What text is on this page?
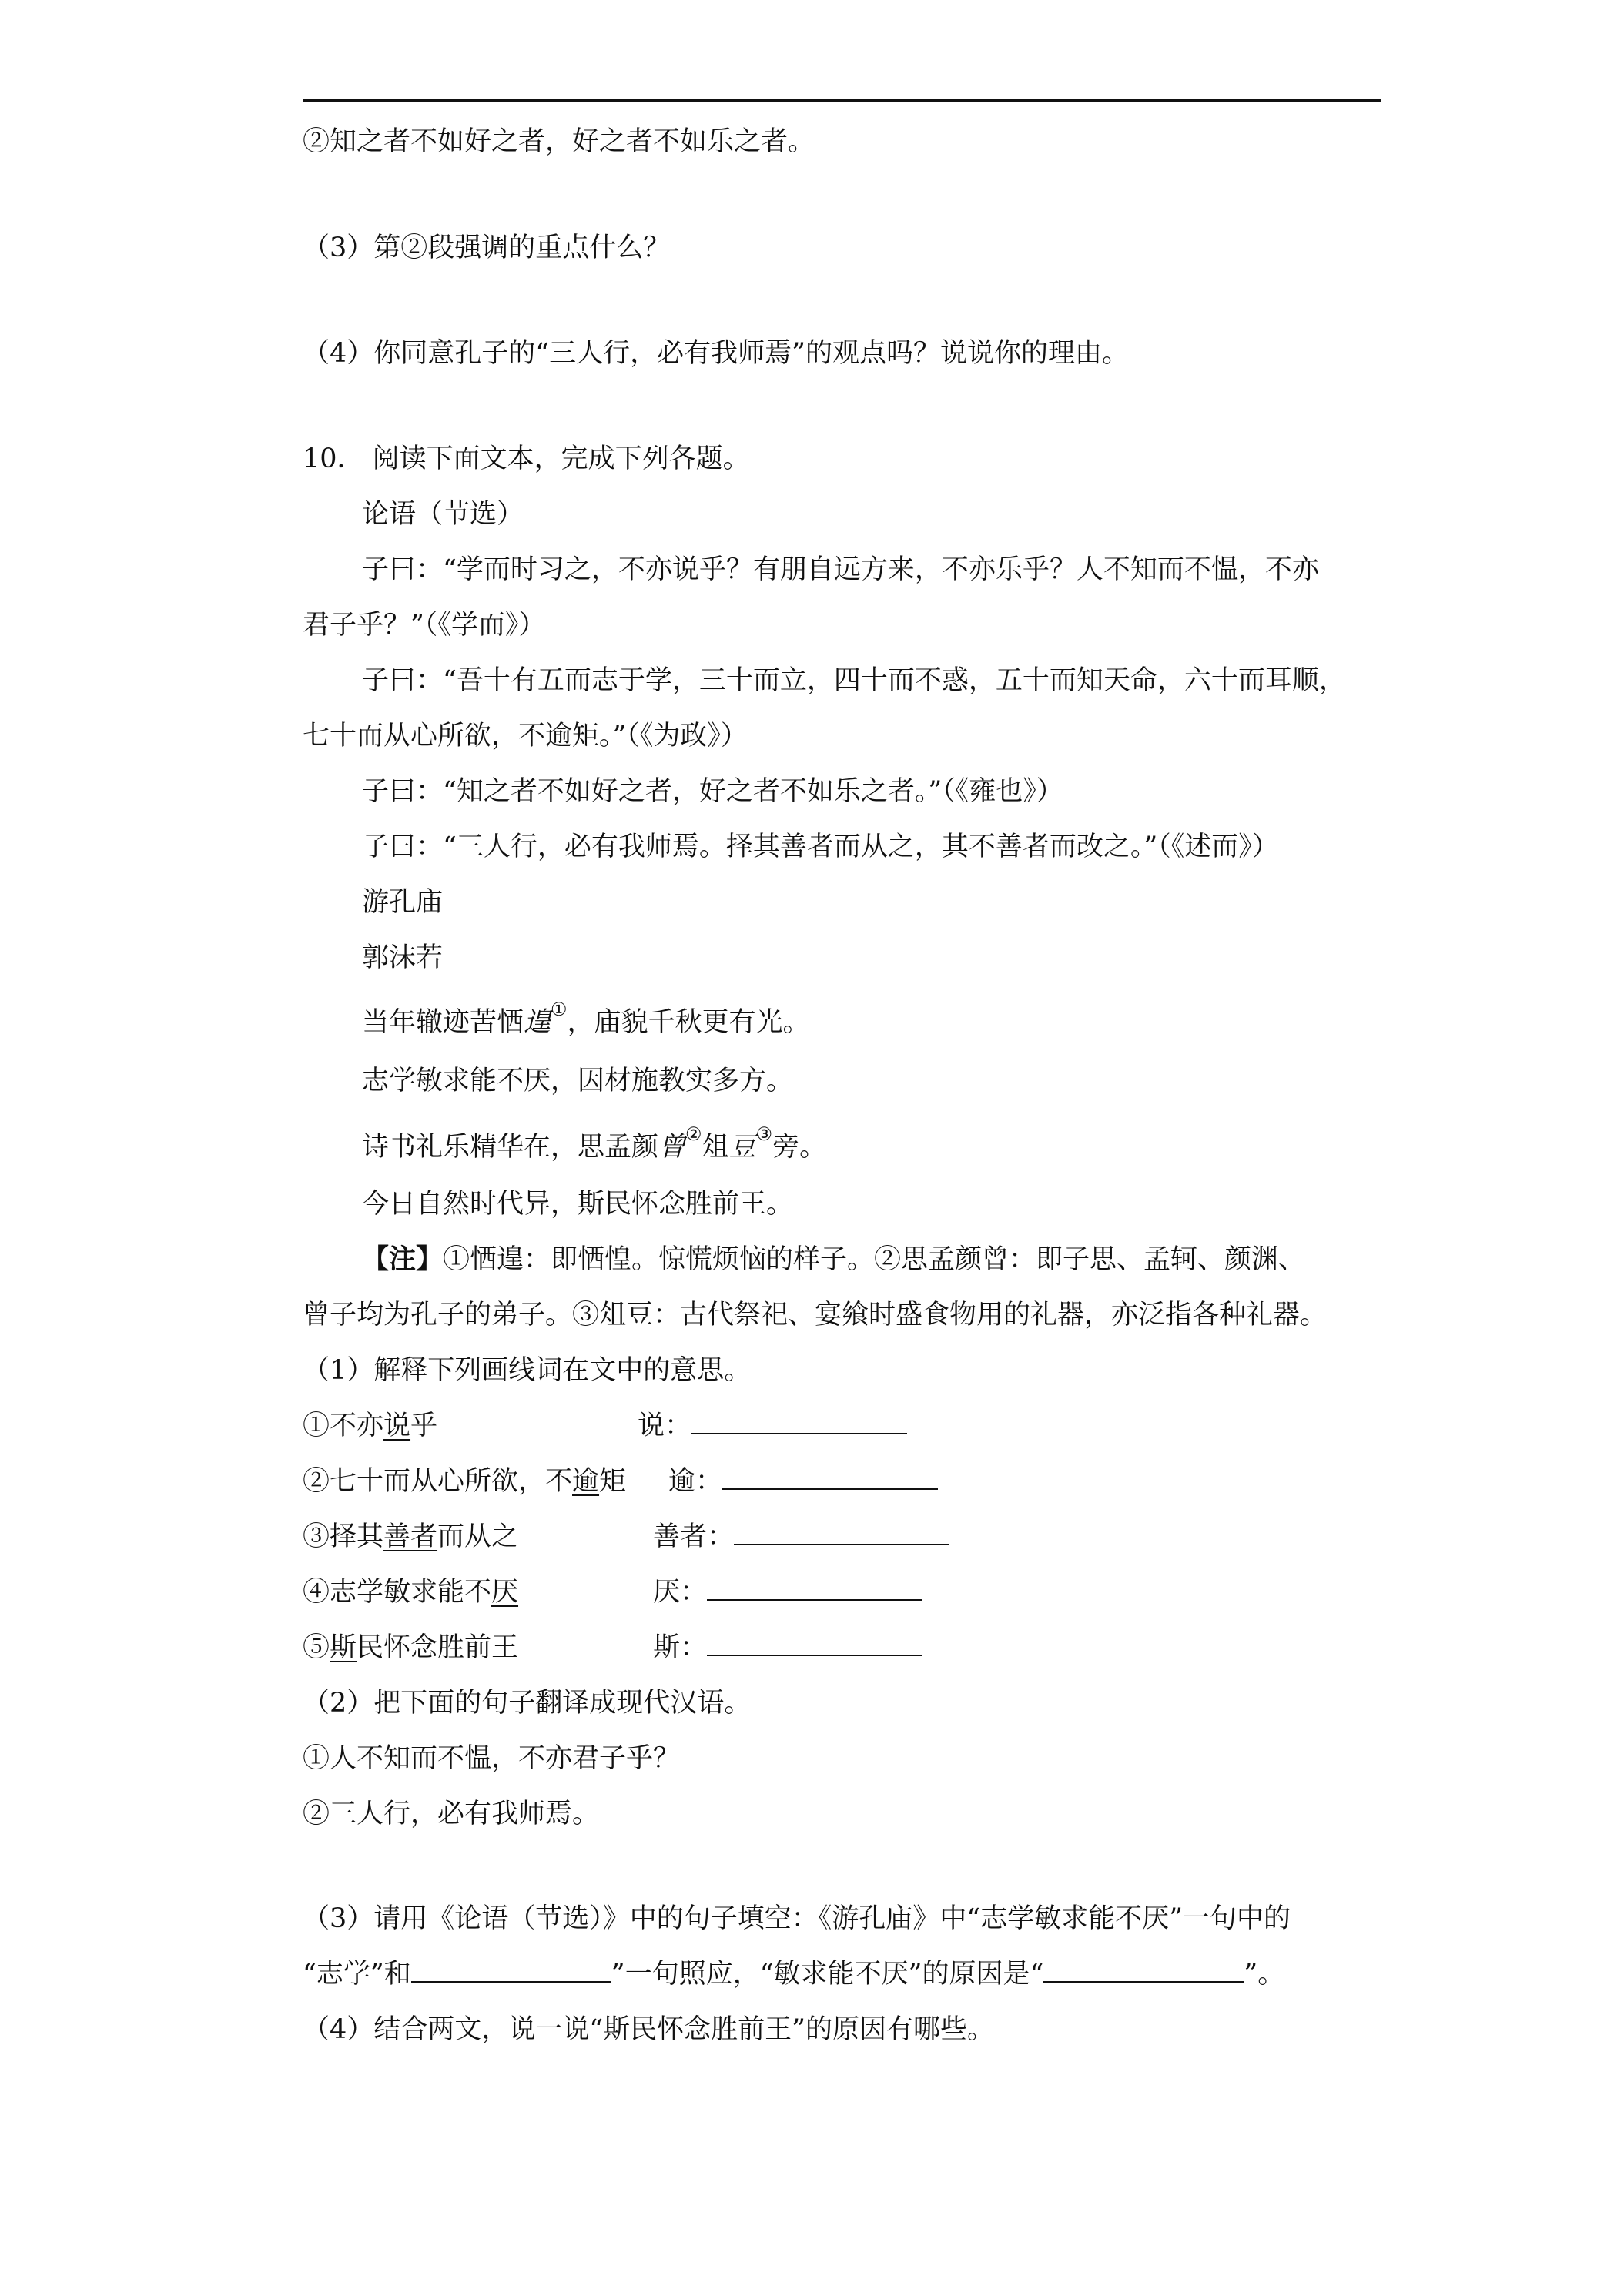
②知之者不如好之者，好之者不如乐之者。
（3）第②段强调的重点什么？
（4）你同意孔子的“三人行，必有我师焉”的观点吗？说说你的理由。
10． 阅读下面文本，完成下列各题。
论语（节选）
子曰：“学而时习之，不亦说乎？有朋自远方来，不亦乐乎？人不知而不愠，不亦
君子乎？”（《学而》）
子曰：“吾十有五而志于学，三十而立，四十而不惑，五十而知天命，六十而耳顺，
七十而从心所欲，不逾矩。”（《为政》）
子曰：“知之者不如好之者，好之者不如乐之者。”（《雍也》）
子曰：“三人行，必有我师焉。择其善者而从之，其不善者而改之。”（《述而》）
游孔庙
郭沫若
当年辙迹苦恓遑①，庙貌千秋更有光。
志学敏求能不厌，因材施教实多方。
诗书礼乐精华在，思孟颜曾②俎豆③旁。
今日自然时代异，斯民怀念胜前王。
【注】①恓遑：即恓惶。惊慌烦恼的样子。②思孟颜曾：即子思、孟轲、颜渊、
曾子均为孔子的弟子。③俎豆：古代祭祀、宴飨时盛食物用的礼器，亦泛指各种礼器。
（1）解释下列画线词在文中的意思。
①不亦说乎	说：
②七十而从心所欲，不逾矩 逾：
③择其善者而从之	善者：
④志学敏求能不厌	厌：
⑤斯民怀念胜前王	斯：
（2）把下面的句子翻译成现代汉语。
①人不知而不愠，不亦君子乎？
②三人行，必有我师焉。
（3）请用《论语（节选）》中的句子填空：《游孔庙》中“志学敏求能不厌”一句中的
“志学”和	”一句照应，“敏求能不厌”的原因是“	”。
（4）结合两文，说一说“斯民怀念胜前王”的原因有哪些。
